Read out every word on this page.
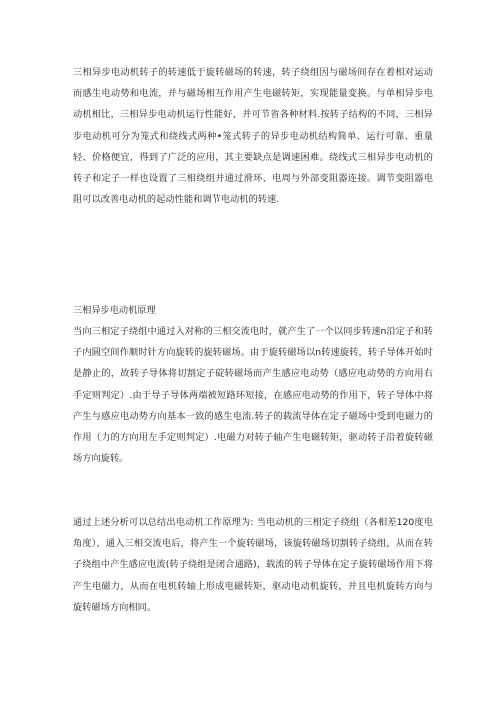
三相异步电动机转子的转速低于旋转磁场的转速，转子绕组因与磁场间存在着相对运动而感生电动势和电流，并与磁场相互作用产生电磁转矩，实现能量变换。与单相异步电动机相比，三相异步电动机运行性能好，并可节省各种材料.按转子结构的不同，三相异步电动机可分为笼式和绕线式两种•笼式转子的异步电动机结构简单、运行可靠、重量轻、价格便宜，得到了广泛的应用，其主要缺点是调速困难。绕线式三相异步电动机的转子和定子一样也设置了三相绕组并通过滑环、电周与外部变阻器连接。调节变阻器电阻可以改善电动机的起动性能和调节电动机的转速.

三相异步电动机原理

当向三相定子绕组中通过入对称的三相交流电时，就产生了一个以同步转速n沿定子和转子内圆空间作顺时针方向旋转的旋转磁场。由于旋转磁场以n转速旋转，转子导体开始时是静止的，故转子导体将切割定子碇转磁场而产生感应电动势（感应电动势的方向用右手定则判定）.由于导子导体两端被短路环短接，在感应电动势的作用下，转子导体中将产生与感应电动势方向基本一致的感生电流.转子的载流导体在定子磁场中受到电磁力的作用（力的方向用左手定则判定）.电磁力对转子轴产生电磁转矩，驱动转子沿着旋转磁场方向旋转。

通过上述分析可以总结出电动机工作原理为: 当电动机的三相定子绕组（各相差120度电角度），通入三相交流电后，将产生一个旋转磁场，该旋转磁场切割转子绕组，从而在转子绕组中产生感应电流(转子绕组是闭合通路)，载流的转子导体在定子旋转磁场作用下将产生电磁力，从而在电机转轴上形成电磁转矩，驱动电动机旋转，并且电机旋转方向与旋转磁场方向相同。
